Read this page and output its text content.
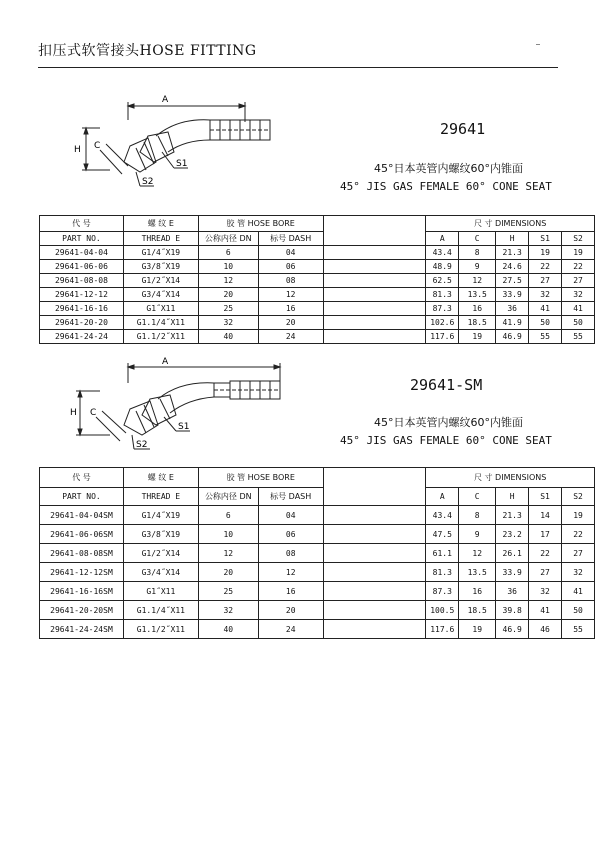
扣压式软管接头HOSE FITTING
A
H C
S1
S2
29641
45°日本英管内螺纹60°内锥面
45° JIS GAS FEMALE 60° CONE SEAT
代 号	螺 纹 E	胶 管 HOSE BORE			尺 寸 DIMENSIONS				
PART NO.	THREAD E	公称内径 DN	标号 DASH		A	C	H	S1	S2
29641-04-04	G1/4˝X19	6	04		43.4	8	21.3	19	19
29641-06-06	G3/8˝X19	10	06		48.9	9	24.6	22	22
29641-08-08	G1/2˝X14	12	08		62.5	12	27.5	27	27
29641-12-12	G3/4˝X14	20	12		81.3	13.5	33.9	32	32
29641-16-16	G1˝X11	25	16		87.3	16	36	41	41
29641-20-20	G1.1/4˝X11	32	20		102.6	18.5	41.9	50	50
29641-24-24	G1.1/2˝X11	40	24		117.6	19	46.9	55	55
A
H C
S1
S2
29641-SM
45°日本英管内螺纹60°内锥面
45° JIS GAS FEMALE 60° CONE SEAT
代 号	螺 纹 E	胶 管 HOSE BORE			尺 寸 DIMENSIONS				
PART NO.	THREAD E	公称内径 DN	标号 DASH		A	C	H	S1	S2
29641-04-04SM	G1/4˝X19	6	04		43.4	8	21.3	14	19
29641-06-06SM	G3/8˝X19	10	06		47.5	9	23.2	17	22
29641-08-08SM	G1/2˝X14	12	08		61.1	12	26.1	22	27
29641-12-12SM	G3/4˝X14	20	12		81.3	13.5	33.9	27	32
29641-16-16SM	G1˝X11	25	16		87.3	16	36	32	41
29641-20-20SM	G1.1/4˝X11	32	20		100.5	18.5	39.8	41	50
29641-24-24SM	G1.1/2˝X11	40	24		117.6	19	46.9	46	55
